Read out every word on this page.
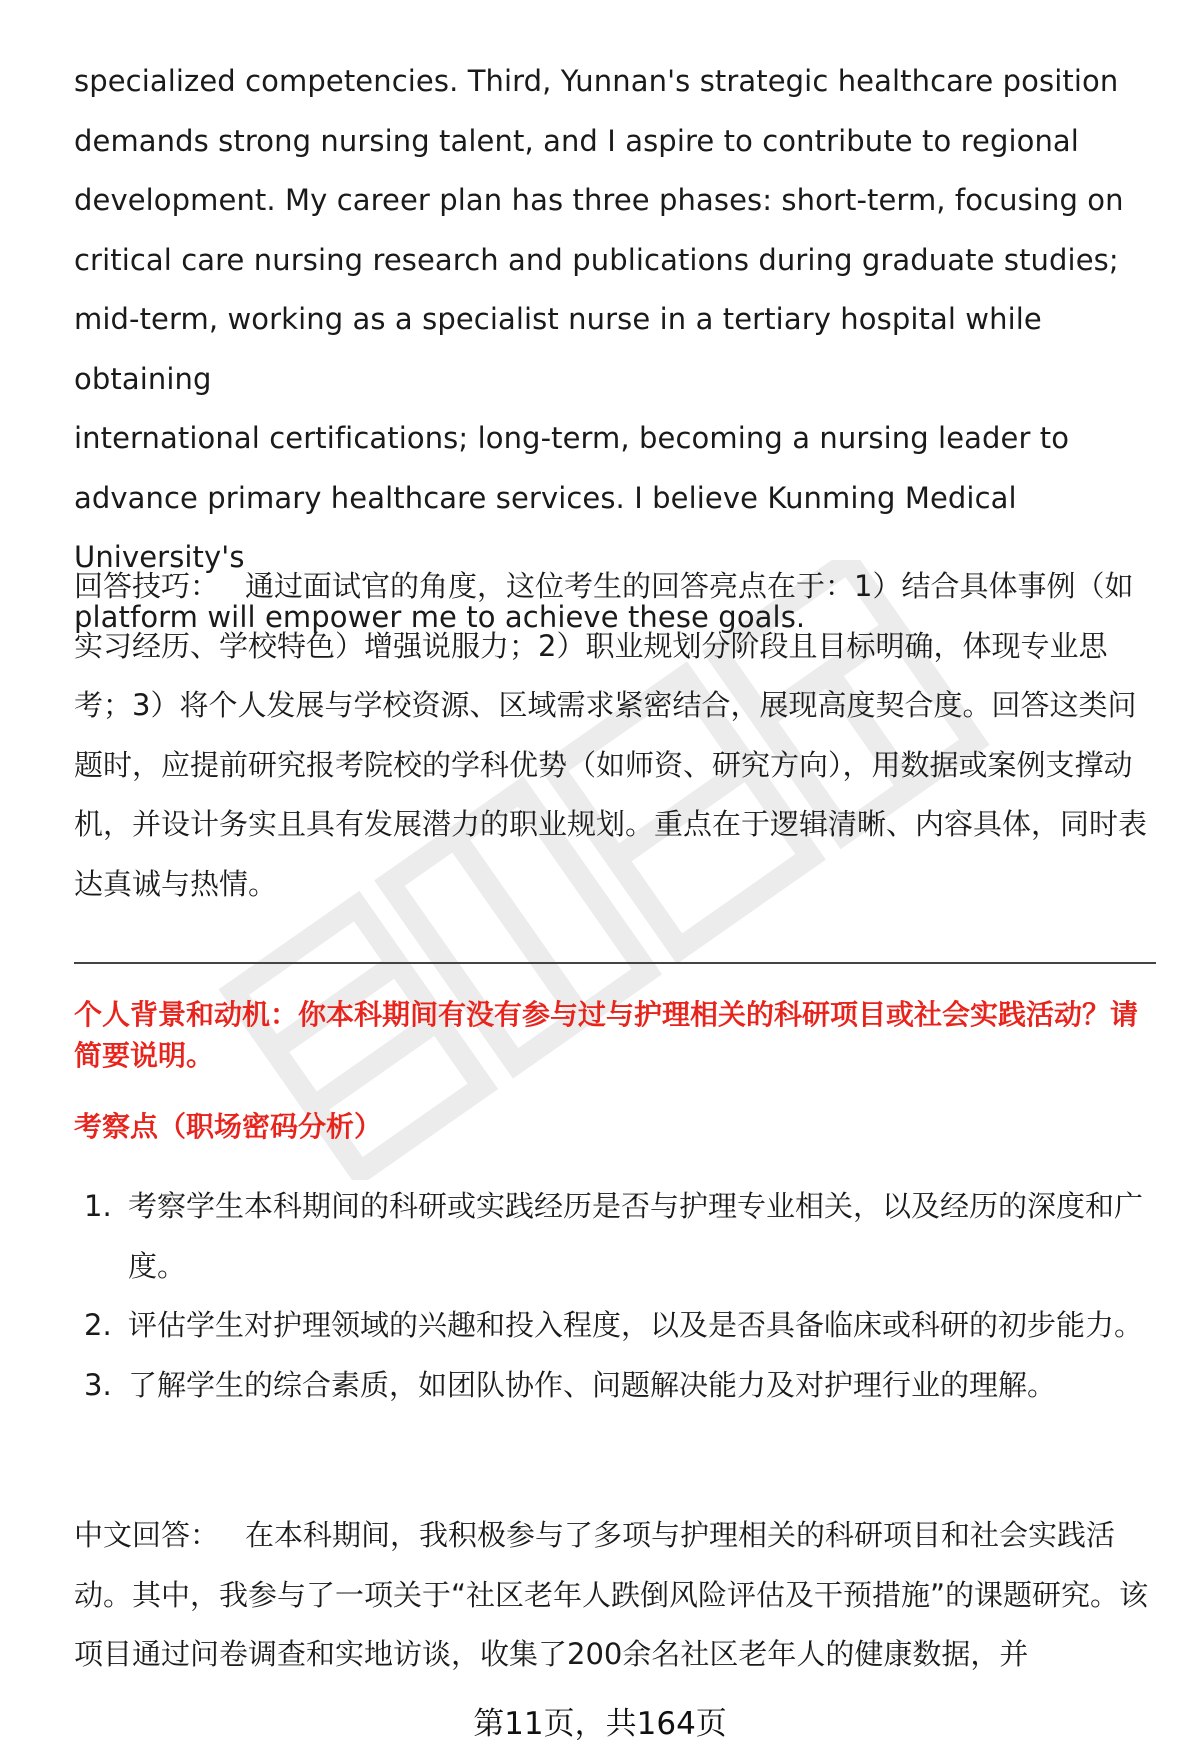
specialized competencies. Third, Yunnan's strategic healthcare position
demands strong nursing talent, and I aspire to contribute to regional
development. My career plan has three phases: short-term, focusing on
critical care nursing research and publications during graduate studies;
mid-term, working as a specialist nurse in a tertiary hospital while obtaining
international certifications; long-term, becoming a nursing leader to
advance primary healthcare services. I believe Kunming Medical University's
platform will empower me to achieve these goals.
回答技巧： 通过面试官的角度，这位考生的回答亮点在于：1）结合具体事例（如实习经历、学校特色）增强说服力；2）职业规划分阶段且目标明确，体现专业思考；3）将个人发展与学校资源、区域需求紧密结合，展现高度契合度。回答这类问题时，应提前研究报考院校的学科优势（如师资、研究方向），用数据或案例支撑动机，并设计务实且具有发展潜力的职业规划。重点在于逻辑清晰、内容具体，同时表达真诚与热情。
个人背景和动机：你本科期间有没有参与过与护理相关的科研项目或社会实践活动？请简要说明。
考察点（职场密码分析）
1. 考察学生本科期间的科研或实践经历是否与护理专业相关，以及经历的深度和广度。
2. 评估学生对护理领域的兴趣和投入程度，以及是否具备临床或科研的初步能力。
3. 了解学生的综合素质，如团队协作、问题解决能力及对护理行业的理解。
中文回答： 在本科期间，我积极参与了多项与护理相关的科研项目和社会实践活动。其中，我参与了一项关于“社区老年人跌倒风险评估及干预措施”的课题研究。该项目通过问卷调查和实地访谈，收集了200余名社区老年人的健康数据，并
第11页，共164页
